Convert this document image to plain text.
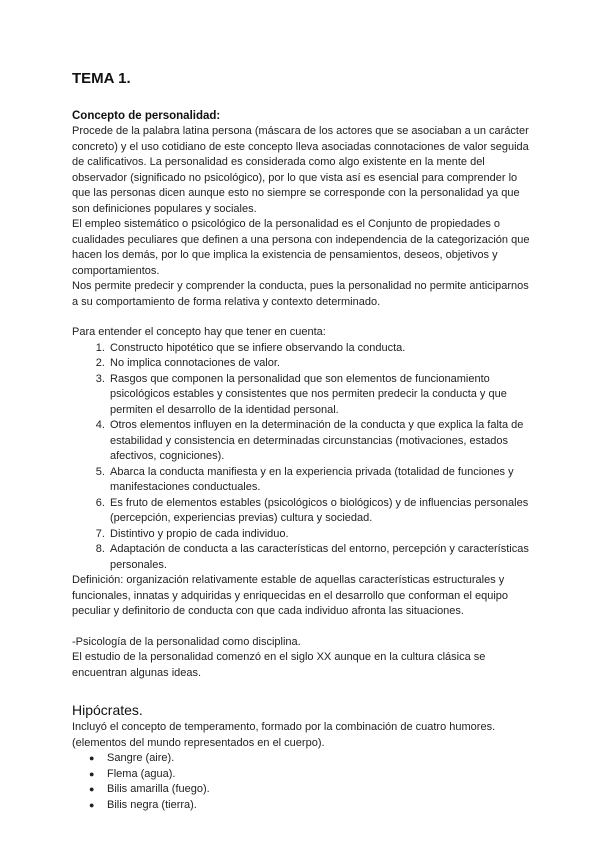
TEMA 1.
Concepto de personalidad:

Procede de la palabra latina persona (máscara de los actores que se asociaban a un carácter concreto) y el uso cotidiano de este concepto lleva asociadas connotaciones de valor seguida de calificativos. La personalidad es considerada como algo existente en la mente del observador (significado no psicológico), por lo que vista así es esencial para comprender lo que las personas dicen aunque esto no siempre se corresponde con la personalidad ya que son definiciones populares y sociales.

El empleo sistemático o psicológico de la personalidad es el Conjunto de propiedades o cualidades peculiares que definen a una persona con independencia de la categorización que hacen los demás, por lo que implica la existencia de pensamientos, deseos, objetivos y comportamientos.

Nos permite predecir y comprender la conducta, pues la personalidad no permite anticiparnos a su comportamiento de forma relativa y contexto determinado.

Para entender el concepto hay que tener en cuenta:

1. Constructo hipotético que se infiere observando la conducta.
2. No implica connotaciones de valor.
3. Rasgos que componen la personalidad que son elementos de funcionamiento psicológicos estables y consistentes que nos permiten predecir la conducta y que permiten el desarrollo de la identidad personal.
4. Otros elementos influyen en la determinación de la conducta y que explica la falta de estabilidad y consistencia en determinadas circunstancias (motivaciones, estados afectivos, cogniciones).
5. Abarca la conducta manifiesta y en la experiencia privada (totalidad de funciones y manifestaciones conductuales.
6. Es fruto de elementos estables (psicológicos o biológicos) y de influencias personales (percepción, experiencias previas) cultura y sociedad.
7. Distintivo y propio de cada individuo.
8. Adaptación de conducta a las características del entorno, percepción y características personales.

Definición: organización relativamente estable de aquellas características estructurales y funcionales, innatas y adquiridas y enriquecidas en el desarrollo que conforman el equipo peculiar y definitorio de conducta con que cada individuo afronta las situaciones.

-Psicología de la personalidad como disciplina.

El estudio de la personalidad comenzó en el siglo XX aunque en la cultura clásica se encuentran algunas ideas.

Hipócrates.

Incluyó el concepto de temperamento, formado por la combinación de cuatro humores.(elementos del mundo representados en el cuerpo).

● Sangre (aire).
● Flema (agua).
● Bilis amarilla (fuego).
● Bilis negra (tierra).
